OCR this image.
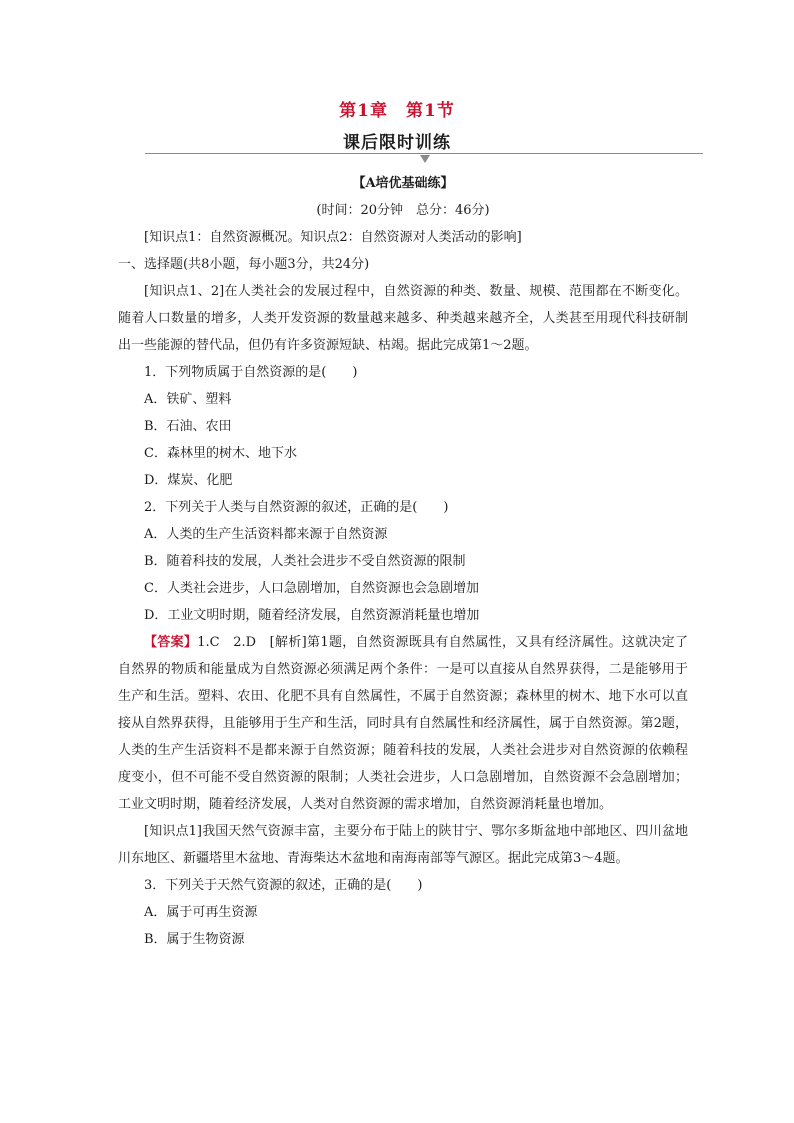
第1章 第1节
课后限时训练

【A培优基础练】

(时间：20分钟　总分：46分)

[知识点1：自然资源概况。知识点2：自然资源对人类活动的影响]

一、选择题(共8小题，每小题3分，共24分)

[知识点1、2]在人类社会的发展过程中，自然资源的种类、数量、规模、范围都在不断变化。随着人口数量的增多，人类开发资源的数量越来越多、种类越来越齐全，人类甚至用现代科技研制出一些能源的替代品，但仍有许多资源短缺、枯竭。据此完成第1～2题。

1．下列物质属于自然资源的是(　　)

A．铁矿、塑料

B．石油、农田

C．森林里的树木、地下水

D．煤炭、化肥

2．下列关于人类与自然资源的叙述，正确的是(　　)

A．人类的生产生活资料都来源于自然资源

B．随着科技的发展，人类社会进步不受自然资源的限制

C．人类社会进步，人口急剧增加，自然资源也会急剧增加

D．工业文明时期，随着经济发展，自然资源消耗量也增加

【答案】1.C　2.D　[解析]第1题，自然资源既具有自然属性，又具有经济属性。这就决定了自然界的物质和能量成为自然资源必须满足两个条件：一是可以直接从自然界获得，二是能够用于生产和生活。塑料、农田、化肥不具有自然属性，不属于自然资源；森林里的树木、地下水可以直接从自然界获得，且能够用于生产和生活，同时具有自然属性和经济属性，属于自然资源。第2题，人类的生产生活资料不是都来源于自然资源；随着科技的发展，人类社会进步对自然资源的依赖程度变小，但不可能不受自然资源的限制；人类社会进步，人口急剧增加，自然资源不会急剧增加；工业文明时期，随着经济发展，人类对自然资源的需求增加，自然资源消耗量也增加。

[知识点1]我国天然气资源丰富，主要分布于陆上的陕甘宁、鄂尔多斯盆地中部地区、四川盆地川东地区、新疆塔里木盆地、青海柴达木盆地和南海南部等气源区。据此完成第3～4题。

3．下列关于天然气资源的叙述，正确的是(　　)

A．属于可再生资源

B．属于生物资源
